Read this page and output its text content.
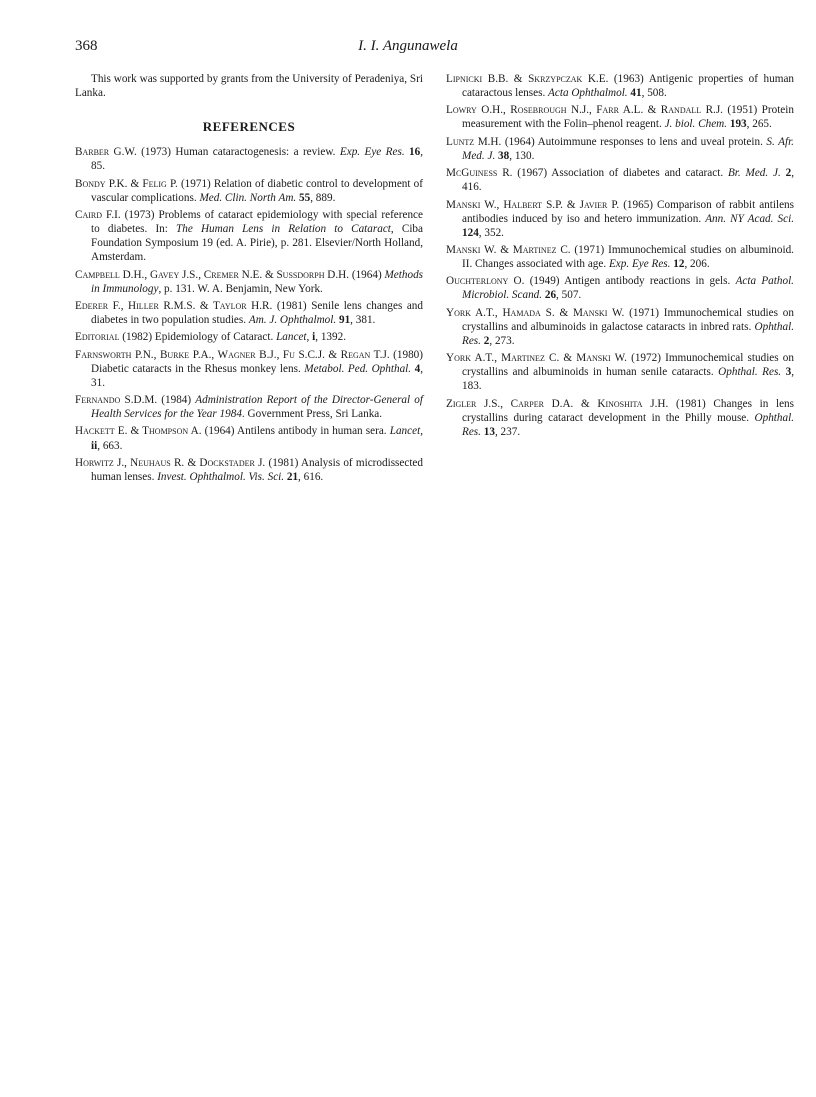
368	I. I. Angunawela

This work was supported by grants from the University of Peradeniya, Sri Lanka.

REFERENCES

Barber G.W. (1973) Human cataractogenesis: a review. Exp. Eye Res. 16, 85.

Bondy P.K. & Felig P. (1971) Relation of diabetic control to development of vascular complications. Med. Clin. North Am. 55, 889.

Caird F.I. (1973) Problems of cataract epidemiology with special reference to diabetes. In: The Human Lens in Relation to Cataract, Ciba Foundation Symposium 19 (ed. A. Pirie), p. 281. Elsevier/North Holland, Amsterdam.

Campbell D.H., Gavey J.S., Cremer N.E. & Sussdorph D.H. (1964) Methods in Immunology, p. 131. W. A. Benjamin, New York.

Ederer F., Hiller R.M.S. & Taylor H.R. (1981) Senile lens changes and diabetes in two population studies. Am. J. Ophthalmol. 91, 381.

Editorial (1982) Epidemiology of Cataract. Lancet, i, 1392.

Farnsworth P.N., Burke P.A., Wagner B.J., Fu S.C.J. & Regan T.J. (1980) Diabetic cataracts in the Rhesus monkey lens. Metabol. Ped. Ophthal. 4, 31.

Fernando S.D.M. (1984) Administration Report of the Director-General of Health Services for the Year 1984. Government Press, Sri Lanka.

Hackett E. & Thompson A. (1964) Antilens antibody in human sera. Lancet, ii, 663.

Horwitz J., Neuhaus R. & Dockstader J. (1981) Analysis of microdissected human lenses. Invest. Ophthalmol. Vis. Sci. 21, 616.

Lipnicki B.B. & Skrzypczak K.E. (1963) Antigenic properties of human cataractous lenses. Acta Ophthalmol. 41, 508.

Lowry O.H., Rosebrough N.J., Farr A.L. & Randall R.J. (1951) Protein measurement with the Folin–phenol reagent. J. biol. Chem. 193, 265.

Luntz M.H. (1964) Autoimmune responses to lens and uveal protein. S. Afr. Med. J. 38, 130.

McGuiness R. (1967) Association of diabetes and cataract. Br. Med. J. 2, 416.

Manski W., Halbert S.P. & Javier P. (1965) Comparison of rabbit antilens antibodies induced by iso and hetero immunization. Ann. NY Acad. Sci. 124, 352.

Manski W. & Martinez C. (1971) Immunochemical studies on albuminoid. II. Changes associated with age. Exp. Eye Res. 12, 206.

Ouchterlony O. (1949) Antigen antibody reactions in gels. Acta Pathol. Microbiol. Scand. 26, 507.

York A.T., Hamada S. & Manski W. (1971) Immunochemical studies on crystallins and albuminoids in galactose cataracts in inbred rats. Ophthal. Res. 2, 273.

York A.T., Martinez C. & Manski W. (1972) Immunochemical studies on crystallins and albuminoids in human senile cataracts. Ophthal. Res. 3, 183.

Zigler J.S., Carper D.A. & Kinoshita J.H. (1981) Changes in lens crystallins during cataract development in the Philly mouse. Ophthal. Res. 13, 237.
